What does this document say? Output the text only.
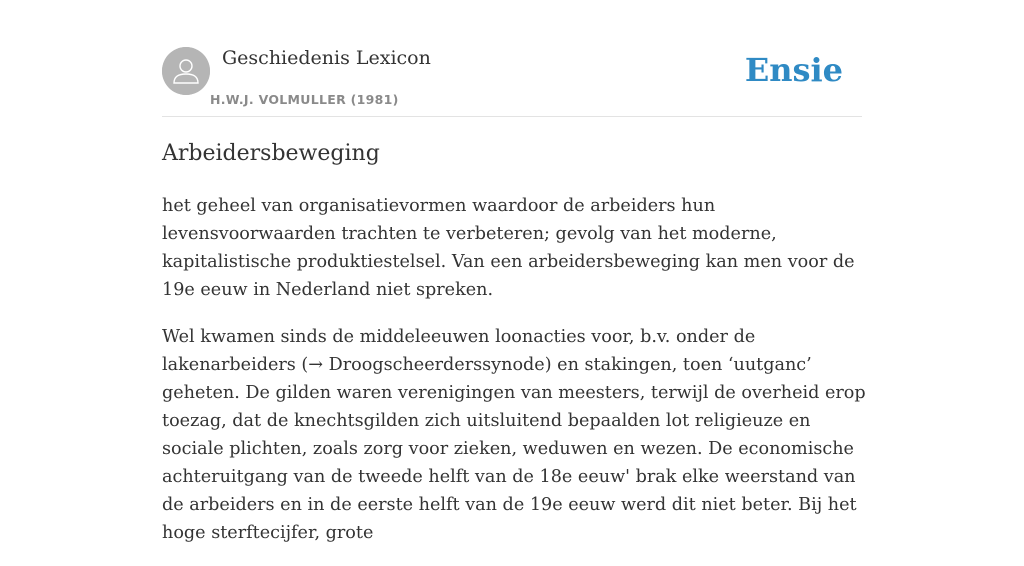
Geschiedenis Lexicon
H.W.J. VOLMULLER (1981)
Ensie
Arbeidersbeweging

het geheel van organisatievormen waardoor de arbeiders hun levensvoorwaarden trachten te verbeteren; gevolg van het moderne, kapitalistische produktiestelsel. Van een arbeidersbeweging kan men voor de 19e eeuw in Nederland niet spreken.

Wel kwamen sinds de middeleeuwen loonacties voor, b.v. onder de lakenarbeiders (→ Droogscheerderssynode) en stakingen, toen ‘uutganc’ geheten. De gilden waren verenigingen van meesters, terwijl de overheid erop toezag, dat de knechtsgilden zich uitsluitend bepaalden lot religieuze en sociale plichten, zoals zorg voor zieken, weduwen en wezen. De economische achteruitgang van de tweede helft van de 18e eeuw' brak elke weerstand van de arbeiders en in de eerste helft van de 19e eeuw werd dit niet beter. Bij het hoge sterftecijfer, grote
